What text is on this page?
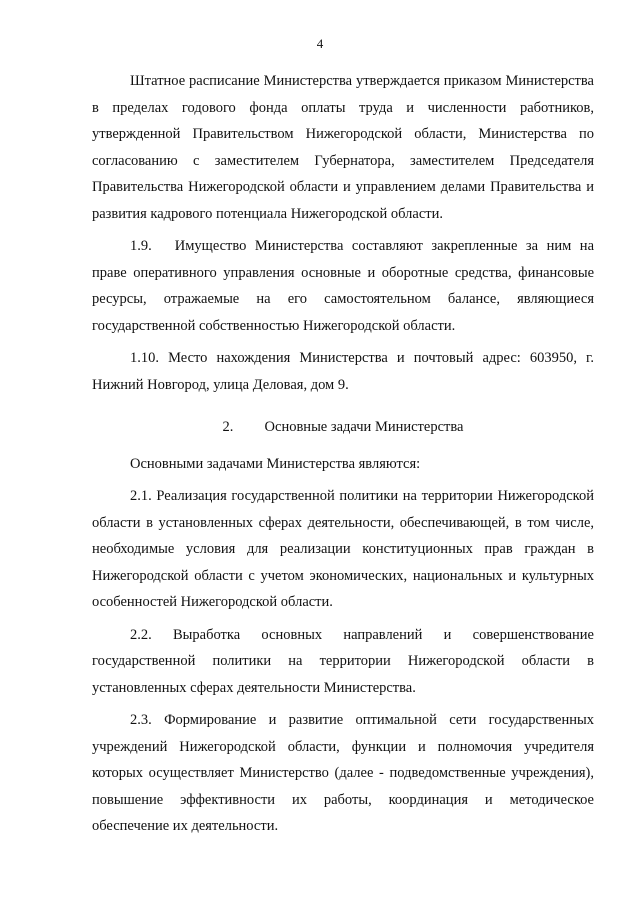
4

Штатное расписание Министерства утверждается приказом Министерства в пределах годового фонда оплаты труда и численности работников, утвержденной Правительством Нижегородской области, Министерства по согласованию с заместителем Губернатора, заместителем Председателя Правительства Нижегородской области и управлением делами Правительства и развития кадрового потенциала Нижегородской области.

1.9.  Имущество Министерства составляют закрепленные за ним на праве оперативного управления основные и оборотные средства, финансовые ресурсы, отражаемые на его самостоятельном балансе, являющиеся государственной собственностью Нижегородской области.

1.10. Место нахождения Министерства и почтовый адрес: 603950, г. Нижний Новгород, улица Деловая, дом 9.

2. Основные задачи Министерства

Основными задачами Министерства являются:

2.1. Реализация государственной политики на территории Нижегородской области в установленных сферах деятельности, обеспечивающей, в том числе, необходимые условия для реализации конституционных прав граждан в Нижегородской области с учетом экономических, национальных и культурных особенностей Нижегородской области.

2.2. Выработка основных направлений и совершенствование государственной политики на территории Нижегородской области в установленных сферах деятельности Министерства.

2.3. Формирование и развитие оптимальной сети государственных учреждений Нижегородской области, функции и полномочия учредителя которых осуществляет Министерство (далее - подведомственные учреждения), повышение эффективности их работы, координация и методическое обеспечение их деятельности.
